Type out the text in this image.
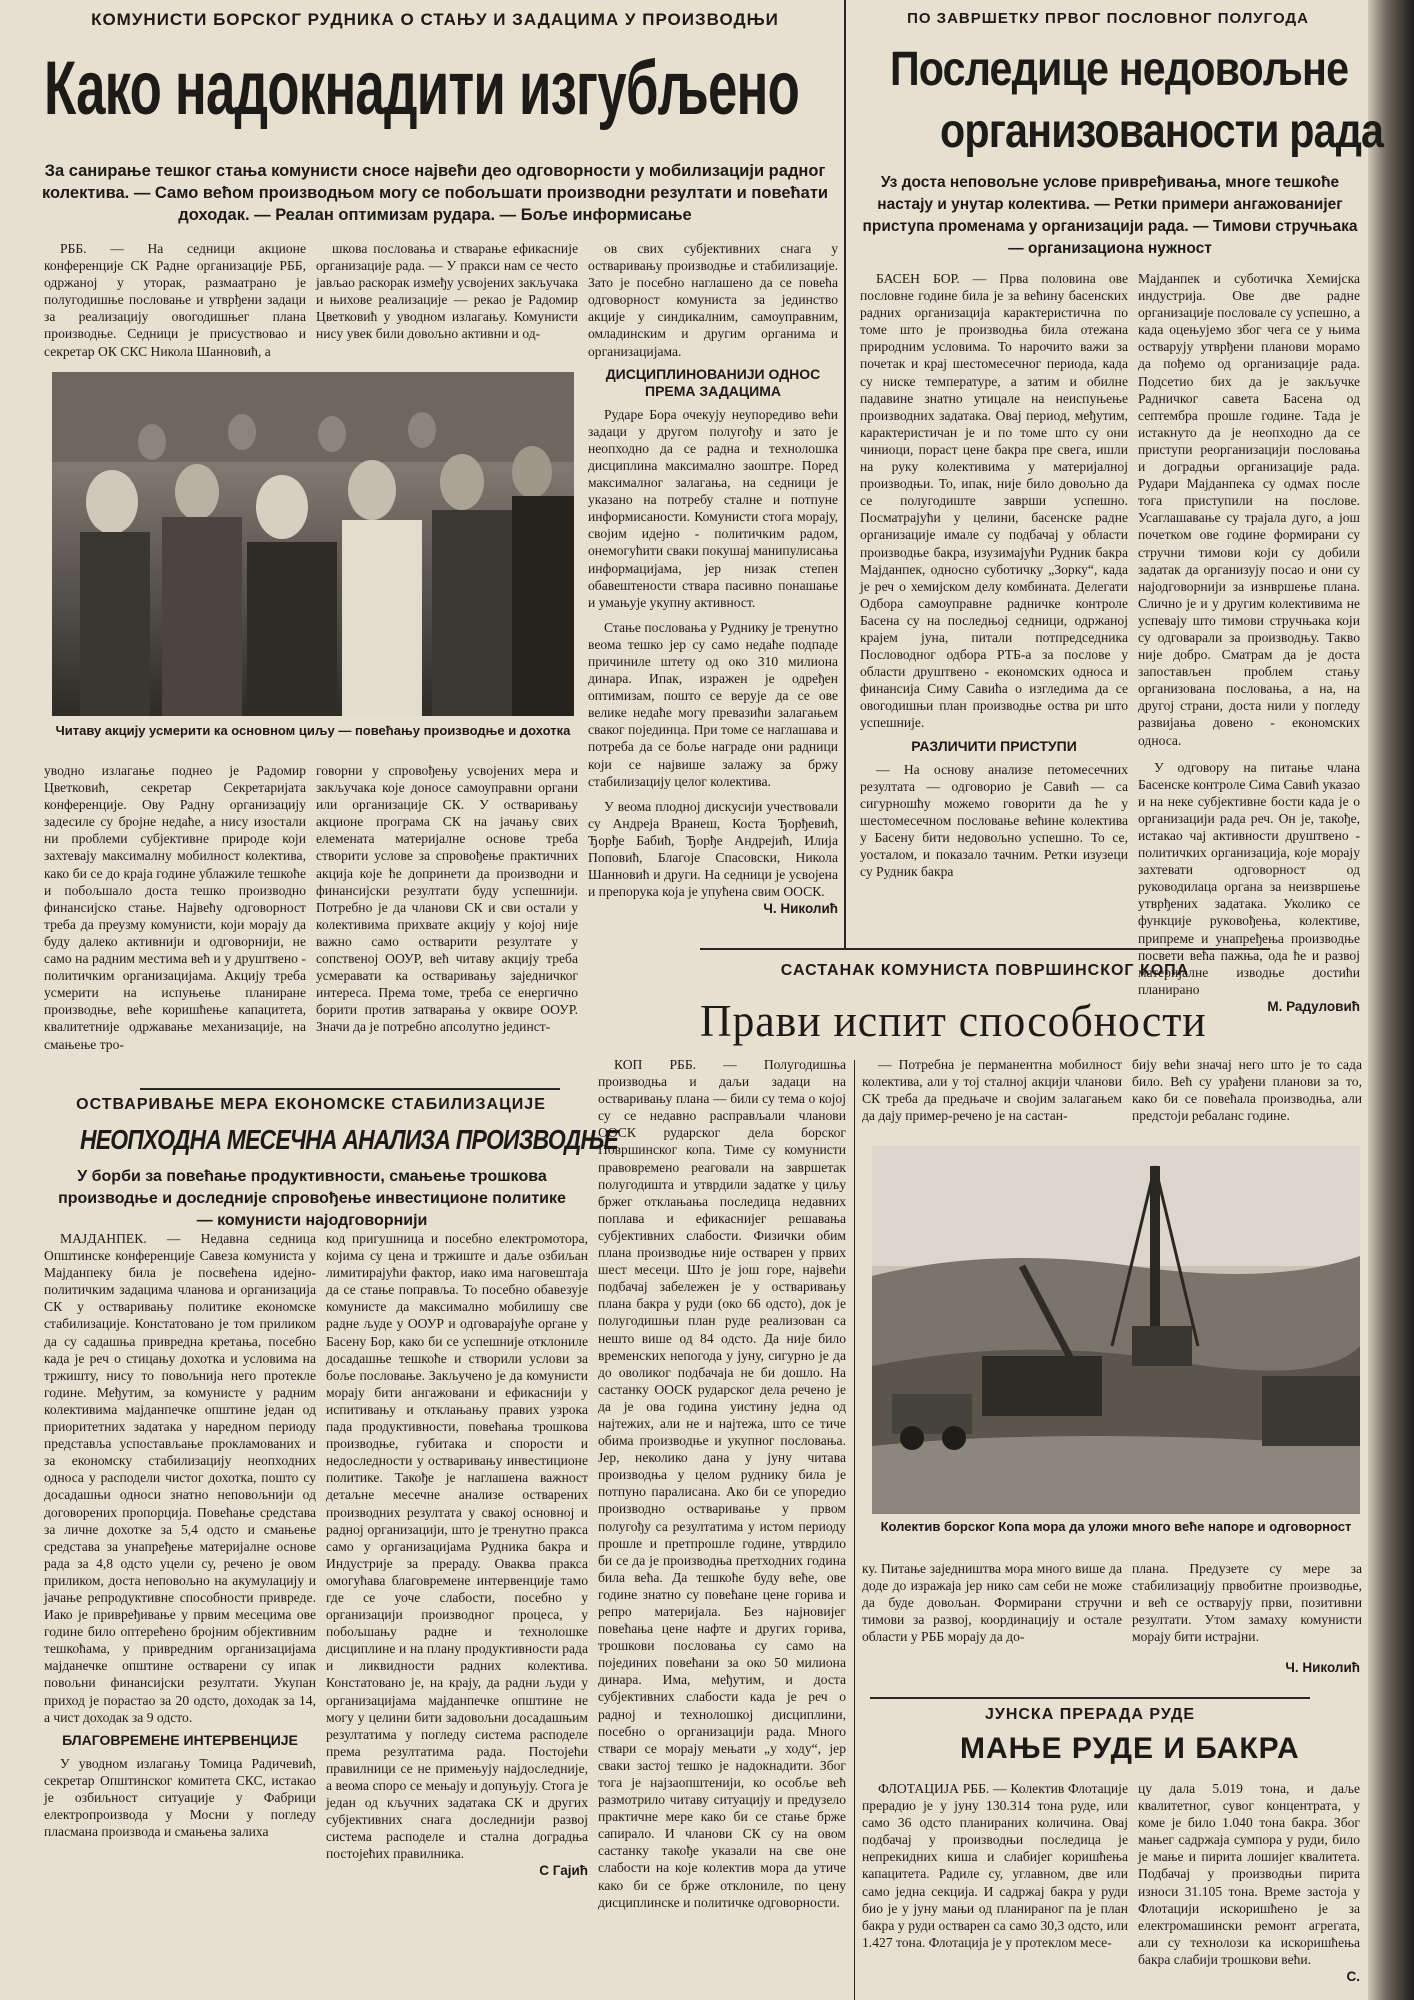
КОМУНИСТИ БОРСКОГ РУДНИКА О СТАЊУ И ЗАДАЦИМА У ПРОИЗВОДЊИ
Како надокнадити изгубљено
За санирање тешког стања комунисти сносе највећи део одговорности у мобилизацији радног колектива. — Само већом производњом могу се побољшати производни резултати и повећати доходак. — Реалан оптимизам рудара. — Боље информисање

РББ. — На седници акционе конференције СК Радне организације РББ, одржаној у уторак, размаатрано је полугодишње пословање и утврђени задаци за реализацију овогодишњег плана производње. Седници је присуствовао и секретар ОК СКС Никола Шанновић, а

шкова пословања и стварање ефикасније организације рада. — У пракси нам се често јављао раскорак између усвојених закључака и њихове реализације — рекао је Радомир Цветковић у уводном излагању. Комунисти нису увек били довољно активни и од-

ов свих субјективних снага у остваривању производње и стабилизације. Зато је посебно наглашено да се повећа одговорност комуниста за јединство акције у синдикалним, самоуправним, омладинским и другим органима и организацијама.

ДИСЦИПЛИНОВАНИЈИ ОДНОС ПРЕМА ЗАДАЦИМА

Рударе Бора очекују неупоредиво већи задаци у другом полугођу и зато је неопходно да се радна и технолошка дисциплина максимално заоштре. Поред максималног залагања, на седници је указано на потребу сталне и потпуне информисаности. Комунисти стога морају, својим идејно - политичким радом, онемогућити сваки покушај манипулисања информацијама, јер низак степен обавештености ствара пасивно понашање и умањује укупну активност.

Стање пословања у Руднику је тренутно веома тешко јер су само нeдаћe подпаде причиниле штету од око 310 милиона динара. Ипак, изражен је одређен оптимизам, пошто се верује да се ове велике недаће могу превазићи залагањем сваког појединца. При томе се наглашава и потреба да се боље награде они радници који се највише залажу за бржу стабилизацију целог колектива.

У веома плодној дискусији учествовали су Андреја Вранеш, Коста Ђорђевић, Ђорђе Бабић, Ђорђе Андрејић, Илија Поповић, Благоје Спасовски, Никола Шанновић и други. На седници је усвојена и препорука која је упућена свим ООСК.

Ч. Николић
Читаву акцију усмерити ка основном циљу — повећању производње и дохотка

уводно излагање поднео је Радомир Цветковић, секретар Секретаријата конференције. Ову Радну организацију задесиле су бројне недаће, а нису изостали ни проблеми субјективне природе који захтевају максималну мобилност колектива, како би се до краја године ублажиле тешкоће и побољшало доста тешко производно финансијско стање. Највећу одговорност треба да преузму комунисти, који морају да буду далеко активнији и одговорнији, не само на радним местима већ и у друштвено - политичким организацијама. Акцију треба усмерити на испуњење планиране производње, веће коришћење капацитета, квалитетније одржавање механизације, на смањење тро-

говорни у спровођењу усвојених мера и закључака које доносе самоуправни органи или организације СК. У остваривању акционе програма СК на јачању свих елемената материјалне основе треба створити услове за спровођење практичних акција које ће допринети да производни и финансијски резултати буду успешнији. Потребно је да чланови СК и сви остали у колективима прихвате акцију у којој није важно само остварити резултате у сопственој ООУР, већ читаву акцију треба усмеравати ка остваривању заједничког интереса. Према томе, треба се енергично борити против затварања у оквире ООУР. Значи да је потребно апсолутно јединст-

ПО ЗАВРШЕТКУ ПРВОГ ПОСЛОВНОГ ПОЛУГОДА
Последице недовољне
организованости рада
Уз доста неповољне услове привређивања, многе тешкоће настају и унутар колектива. — Ретки примери ангажованијег приступа променама у организацији рада. — Тимови стручњака — организациона нужност

БАСЕН БОР. — Прва половина ове пословне године била је за већину басенских радних организација карактеристична по томе што је производња била отежана природним условима. То нарочито важи за почетак и крај шестомесечног периода, када су ниске температуре, а затим и обилне падавине знатно утицале на неиспуњење производних задатака. Овај период, међутим, карактеристичан је и по томе што су они чиниоци, пораст цене бакра пре свега, ишли на руку колективима у материјалној производњи. То, ипак, није било довољно да се полугодиште заврши успешно. Посматрајући у целини, басенске радне организације имале су подбачај у области производње бакра, изузимајући Рудник бакра Мајданпек, односно суботичку „Зорку“, када је реч о хемијском делу комбината. Делегати Одбора самоуправне радничке контроле Басена су на последњој седници, одржаној крајем јуна, питали потпредседника Пословодног одбора РТБ-а за послове у области друштвено - економских односа и финансија Симу Савића о изгледима да се овогодишњи план производње оства ри што успешније.

РАЗЛИЧИТИ ПРИСТУПИ

— На основу анализе петомесечних резултата — одговорио је Савић — са сигурношћу можемо говорити да ће у шестомесечном пословање већине колектива у Басену бити недовољно успешно. То се, уосталом, и показало тачним. Ретки изузеци су Рудник бакра

Мајданпек и суботичка Хемијска индустрија. Ове две радне организације пословале су успешно, а када оцењујемо због чега се у њима остварују утврђени планови морамо да пођемо од организације рада. Подсетио бих да је закључке Радничког савета Басена од септембра прошле године. Тада је истакнуто да је неопходно да се приступи реорганизацији пословања и доградњи организације рада. Рудари Мајданпека су одмах после тога приступили на послове. Усаглашавање су трајала дуго, а још почетком ове године формирани су стручни тимови који су добили задатак да организују посао и они су најодговорнији за изнвршење плана. Слично је и у другим колективима не успевају што тимови стручњака који су одговарали за производњу. Такво није добро. Сматрам да је доста запостављен проблем стању организована пословања, а на, на другој страни, доста нили у погледу развијања довено - економских односа.

У одговору на питање члана Басенске контроле Сима Савић указао и на неке субјективне бости када је о организацији рада реч. Он је, такође, истакао чај активности друштвено - политичких организација, које морају захтевати одговорност од руководилаца органа за неизвршење утврђених задатака. Уколико се функције руковођења, колективе, припреме и унапређења производње посвети већа пажња, ода ће и развој материјалне изводње достићи планирано

М. Радуловић
ОСТВАРИВАЊЕ МЕРА ЕКОНОМСКЕ СТАБИЛИЗАЦИЈЕ
НЕОПХОДНА МЕСЕЧНА АНАЛИЗА ПРОИЗВОДЊЕ
У борби за повећање продуктивности, смањење трошкова производње и доследније спровођење инвестиционе политике — комунисти најодговорнији

МАЈДАНПЕК. — Недавна седница Општинске конференције Савеза комуниста у Мајданпеку била је посвећена идејно-политичким задацима чланова и организација СК у остваривању политике економске стабилизације. Констатовано је том приликом да су садашња привредна кретања, посебно када је реч о стицању дохотка и условима на тржишту, нису то повољнија него протекле године. Међутим, за комунисте у радним колективима мајданпечке општине један од приоритетних задатака у наредном периоду представља успостављање прокламованих и за економску стабилизацију неопходних односа у расподели чистог дохотка, пошто су досадашњи односи знатно неповољнији од договорених пропорција. Повећање средстава за личне дохотке за 5,4 одсто и смањење средстава за унапређење материјалне основе рада за 4,8 одсто уцели су, речено је овом приликом, доста неповољно на акумулацију и јачање репродуктивне способности привреде. Иако је привређивање у првим месецима ове године било оптерећено бројним објективним тешкоћама, у привредним организацијама мајданечке општине остварени су ипак повољни финансијски резултати. Укупан приход је порастао за 20 одсто, доходак за 14, а чист доходак за 9 одсто.

БЛАГОВРЕМЕНЕ ИНТЕРВЕНЦИЈЕ

У уводном излагању Томица Радичевић, секретар Општинског комитета СКС, истакао је озбиљност ситуације у Фабрици електропроизвода у Мосни у погледу пласмана производа и смањења залиха

код пригушница и посебно електромотора, којима су цена и тржиште и даље озбиљан лимитирајући фактор, иако има наговештаја да се стање поправља. То посебно обавезује комунисте да максимално мобилишу све радне људе у ООУР и одговарајуће органе у Басену Бор, како би се успешније отклониле досадашње тешкоће и створили услови за боље пословање. Закључено је да комунисти морају бити ангажовани и ефикаснији у испитивању и отклањању правих узрока пада продуктивности, повећања трошкова производње, губитака и спорости и недоследности у остваривању инвестиционе политике. Такође је наглашена важност детаљне месечне анализе остварених производних резултата у свакој основној и радној организацији, што је тренутно пракса само у организацијама Рудника бакра и Индустрије за прераду. Оваква пракса омогућава благовремене интервенције тамо где се уоче слабости, посебно у организацији производног процеса, у побољшању радне и технолошке дисциплине и на плану продуктивности рада и ликвидности радних колектива. Констатовано је, на крају, да радни људи у организацијама мајданпечке општине не могу у целини бити задовољни досадашњим резултатима у погледу система расподеле према резултатима рада. Постојећи правилници се не примењују најдоследније, а веома споро се мењају и допуњују. Стога је један од кључних задатака СК и других субјективних снага доследнији развој система расподеле и стална доградња постојећих правилника.

С Гајић
САСТАНАК КОМУНИСТА ПОВРШИНСКОГ КОПА
Прави испит способности

КОП РББ. — Полугодишња производња и даљи задаци на остваривању плана — били су тема о којој су се недавно расправљали чланови ООСК рударског дела борског Површинског копа. Тиме су комунисти правовремено реаговали на завршетак полугодишта и утврдили задатке у циљу бржег отклањања последица недавних поплава и ефикаснијег решавања субјективних слабости. Физички обим плана производње није остварен у првих шест месеци. Што је још горе, највећи подбачај забележен је у остваривању плана бакра у руди (око 66 одсто), док је полугодишњи план руде реализован са нешто више од 84 одсто. Да није било временских непогода у јуну, сигурно је да до оволиког подбачаја не би дошло. На састанку ООСК рударског дела речено је да је ова година уистину једна од најтежих, али не и најтежа, што се тиче обима производње и укупног пословања. Јер, неколико дана у јуну читава производња у целом руднику била је потпуно паралисана. Ако би се упоредио производно остваривање у првом полугођу са резултатима у истом периоду прошле и претпрошле године, утврдило би се да је производња претходних година била већа. Да тешкоће буду веће, ове године знатно су повећане цене горива и репро материјала. Без најновијег повећања цене нафте и других горива, трошкови пословања су само на појединих повећани за око 50 милиона динара. Има, међутим, и доста субјективних слабости када је реч о радној и технолошкој дисциплини, посебно о организацији рада. Много ствари се морају мењати „у ходу“, јер сваки застој тешко је надокнадити. Због тога је најзаопштенији, ко особље већ размотрило читаву ситуацију и предузело практичне мере како би се стање брже сапирало. И чланови СК су на овом састанку такође указали на све оне слабости на које колектив мора да утиче како би се брже отклониле, по цену дисциплинске и политичке одговорности.

— Потребна је перманентна мобилност колектива, али у тој сталној акцији чланови СК треба да предњаче и својим залагањем да дају пример-речено је на састан-

бију већи значај него што је то сада било. Већ су урађени планови за то, како би се повећала производња, али предстоји ребаланс године.

Колектив борског Копа мора да уложи много веће напоре и одговорност

ку. Питање заједништва мора много више да доде до изражаја јер нико сам себи не може да буде довољан. Формирани стручни тимови за развој, координацију и остале области у РББ морају да до-

плана. Предузете су мере за стабилизацију првобитне производње, и већ се остварују први, позитивни резултати. Утом замаху комунисти морају бити истрајни.

Ч. Николић
ЈУНСКА ПРЕРАДА РУДЕ
МАЊЕ РУДЕ И БАКРА

ФЛОТАЦИЈА РББ. — Колектив Флотације прерадио је у јуну 130.314 тона руде, или само 36 одсто планираних количина. Овај подбачај у производњи последица је непрекидних киша и слабијег коришћења капацитета. Радиле су, углавном, две или само једна секција. И садржај бакра у руди био је у јуну мањи од планираног па је план бакра у руди остварен са само 30,3 одсто, или 1.427 тона. Флотација је у протеклом месе-

цу дала 5.019 тона, и даље квалитетног, сувог концентрата, у коме је било 1.040 тона бакра. Због мањег садржаја сумпора у руди, било је мање и пирита лошијег квалитета. Подбачај у производњи пирита износи 31.105 тона. Време застоја у Флотацији искоришћено је за електромашински ремонт агрегата, али су технолози ка искоришћења бакра слабији трошкови већи.

С.
